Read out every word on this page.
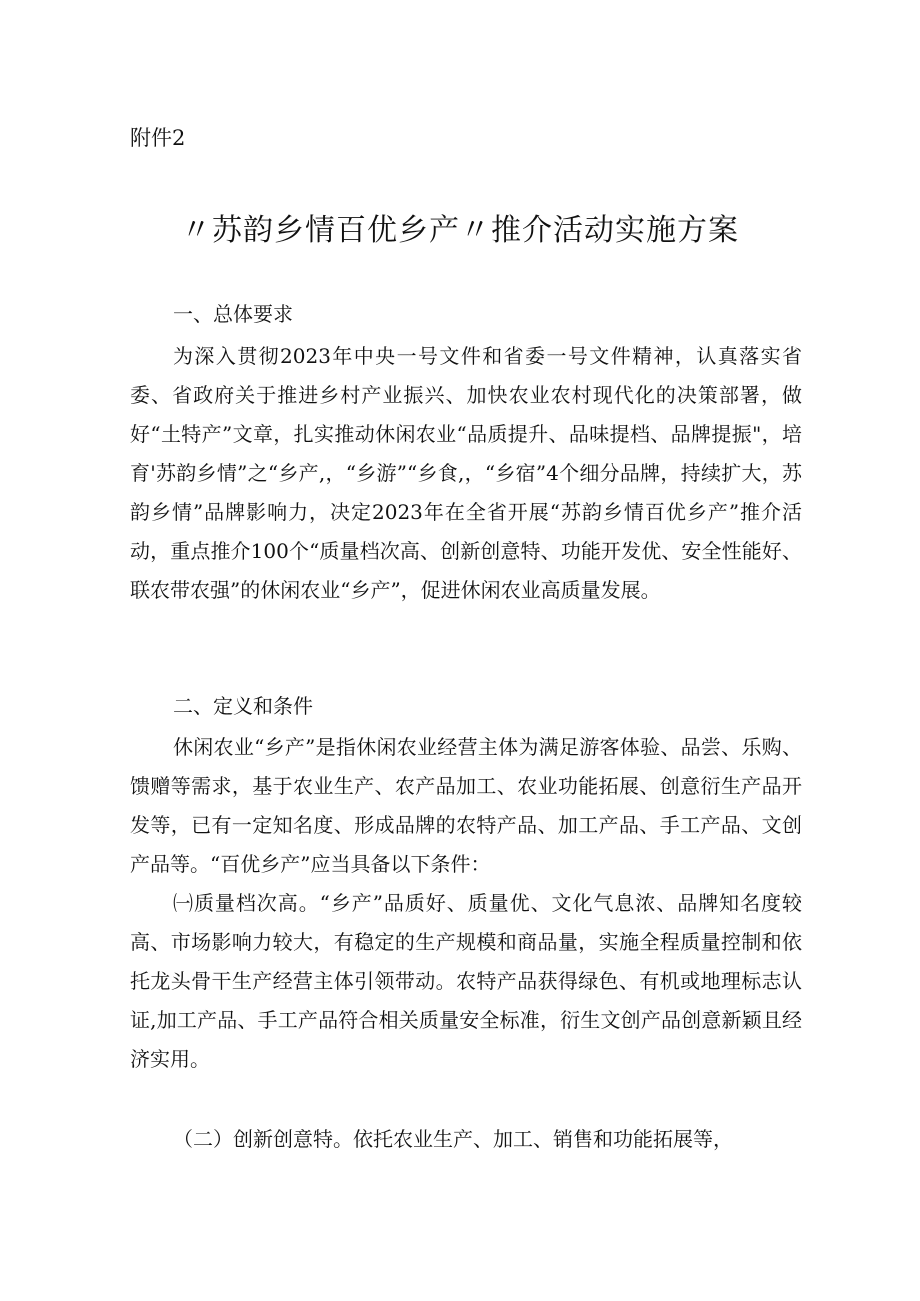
附件2
〃苏韵乡情百优乡产〃推介活动实施方案
一、总体要求

为深入贯彻2023年中央一号文件和省委一号文件精神，认真落实省委、省政府关于推进乡村产业振兴、加快农业农村现代化的决策部署，做好“土特产”文章，扎实推动休闲农业“品质提升、品味提档、品牌提振"，培育'苏韵乡情”之“乡产,，“乡游”“乡食,，“乡宿”4个细分品牌，持续扩大，苏韵乡情”品牌影响力，决定2023年在全省开展“苏韵乡情百优乡产”推介活动，重点推介100个“质量档次高、创新创意特、功能开发优、安全性能好、联农带农强”的休闲农业“乡产”，促进休闲农业高质量发展。

二、定义和条件

休闲农业“乡产”是指休闲农业经营主体为满足游客体验、品尝、乐购、馈赠等需求，基于农业生产、农产品加工、农业功能拓展、创意衍生产品开发等，已有一定知名度、形成品牌的农特产品、加工产品、手工产品、文创产品等。“百优乡产”应当具备以下条件：

㈠质量档次高。“乡产”品质好、质量优、文化气息浓、品牌知名度较高、市场影响力较大，有稳定的生产规模和商品量，实施全程质量控制和依托龙头骨干生产经营主体引领带动。农特产品获得绿色、有机或地理标志认证,加工产品、手工产品符合相关质量安全标准，衍生文创产品创意新颖且经济实用。

（二）创新创意特。依托农业生产、加工、销售和功能拓展等，
